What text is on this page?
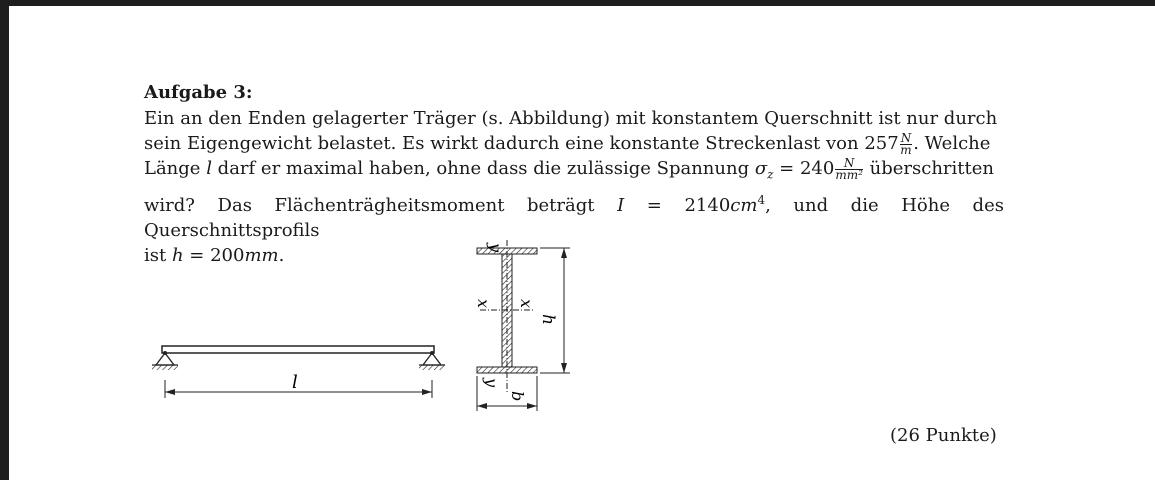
Aufgabe 3:

Ein an den Enden gelagerter Träger (s. Abbildung) mit konstantem Querschnitt ist nur durch
sein Eigengewicht belastet. Es wirkt dadurch eine konstante Streckenlast von $257 \frac{N}{m}$ . Welche
Länge l darf er maximal haben, ohne dass die zulässige Spannung $\sigma_z = 240 \frac{N}{\text{mm²}}$ überschritten
wird? Das Flächenträgheitsmoment beträgt $I = 2140cm^4$, und die Höhe des Querschnittsprofils
ist h = 200mm.

l
y
y
x x
h
b
(26 Punkte)
